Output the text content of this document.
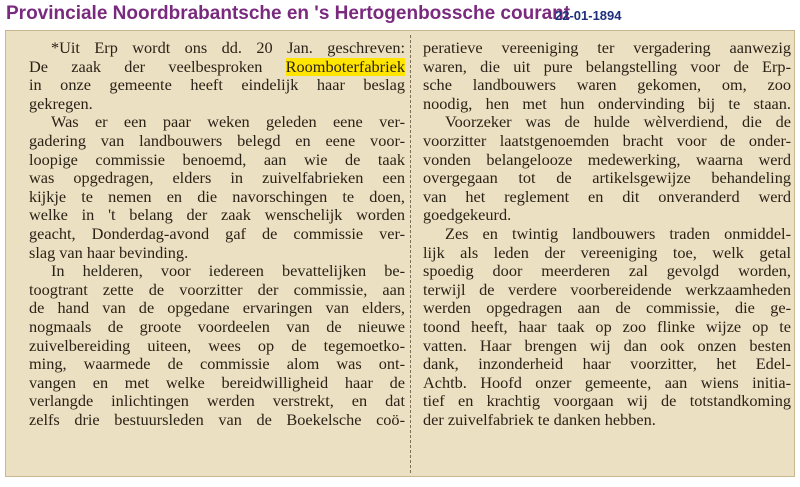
Provinciale Noordbrabantsche en 's Hertogenbossche courant
22-01-1894
*Uit Erp wordt ons dd. 20 Jan. geschreven:
De zaak der veelbesproken Roomboterfabriek
in onze gemeente heeft eindelijk haar beslag
gekregen.
Was er een paar weken geleden eene ver-
gadering van landbouwers belegd en eene voor-
loopige commissie benoemd, aan wie de taak
was opgedragen, elders in zuivelfabrieken een
kijkje te nemen en die navorschingen te doen,
welke in 't belang der zaak wenschelijk worden
geacht, Donderdag-avond gaf de commissie ver-
slag van haar bevinding.
In helderen, voor iedereen bevattelijken be-
toogtrant zette de voorzitter der commissie, aan
de hand van de opgedane ervaringen van elders,
nogmaals de groote voordeelen van de nieuwe
zuivelbereiding uiteen, wees op de tegemoetko-
ming, waarmede de commissie alom was ont-
vangen en met welke bereidwilligheid haar de
verlangde inlichtingen werden verstrekt, en dat
zelfs drie bestuursleden van de Boekelsche coö-
peratieve vereeniging ter vergadering aanwezig
waren, die uit pure belangstelling voor de Erp-
sche landbouwers waren gekomen, om, zoo
noodig, hen met hun ondervinding bij te staan.
Voorzeker was de hulde wèlverdiend, die de
voorzitter laatstgenoemden bracht voor de onder-
vonden belangelooze medewerking, waarna werd
overgegaan tot de artikelsgewijze behandeling
van het reglement en dit onveranderd werd
goedgekeurd.
Zes en twintig landbouwers traden onmiddel-
lijk als leden der vereeniging toe, welk getal
spoedig door meerderen zal gevolgd worden,
terwijl de verdere voorbereidende werkzaamheden
werden opgedragen aan de commissie, die ge-
toond heeft, haar taak op zoo flinke wijze op te
vatten. Haar brengen wij dan ook onzen besten
dank, inzonderheid haar voorzitter, het Edel-
Achtb. Hoofd onzer gemeente, aan wiens initia-
tief en krachtig voorgaan wij de totstandkoming
der zuivelfabriek te danken hebben.
